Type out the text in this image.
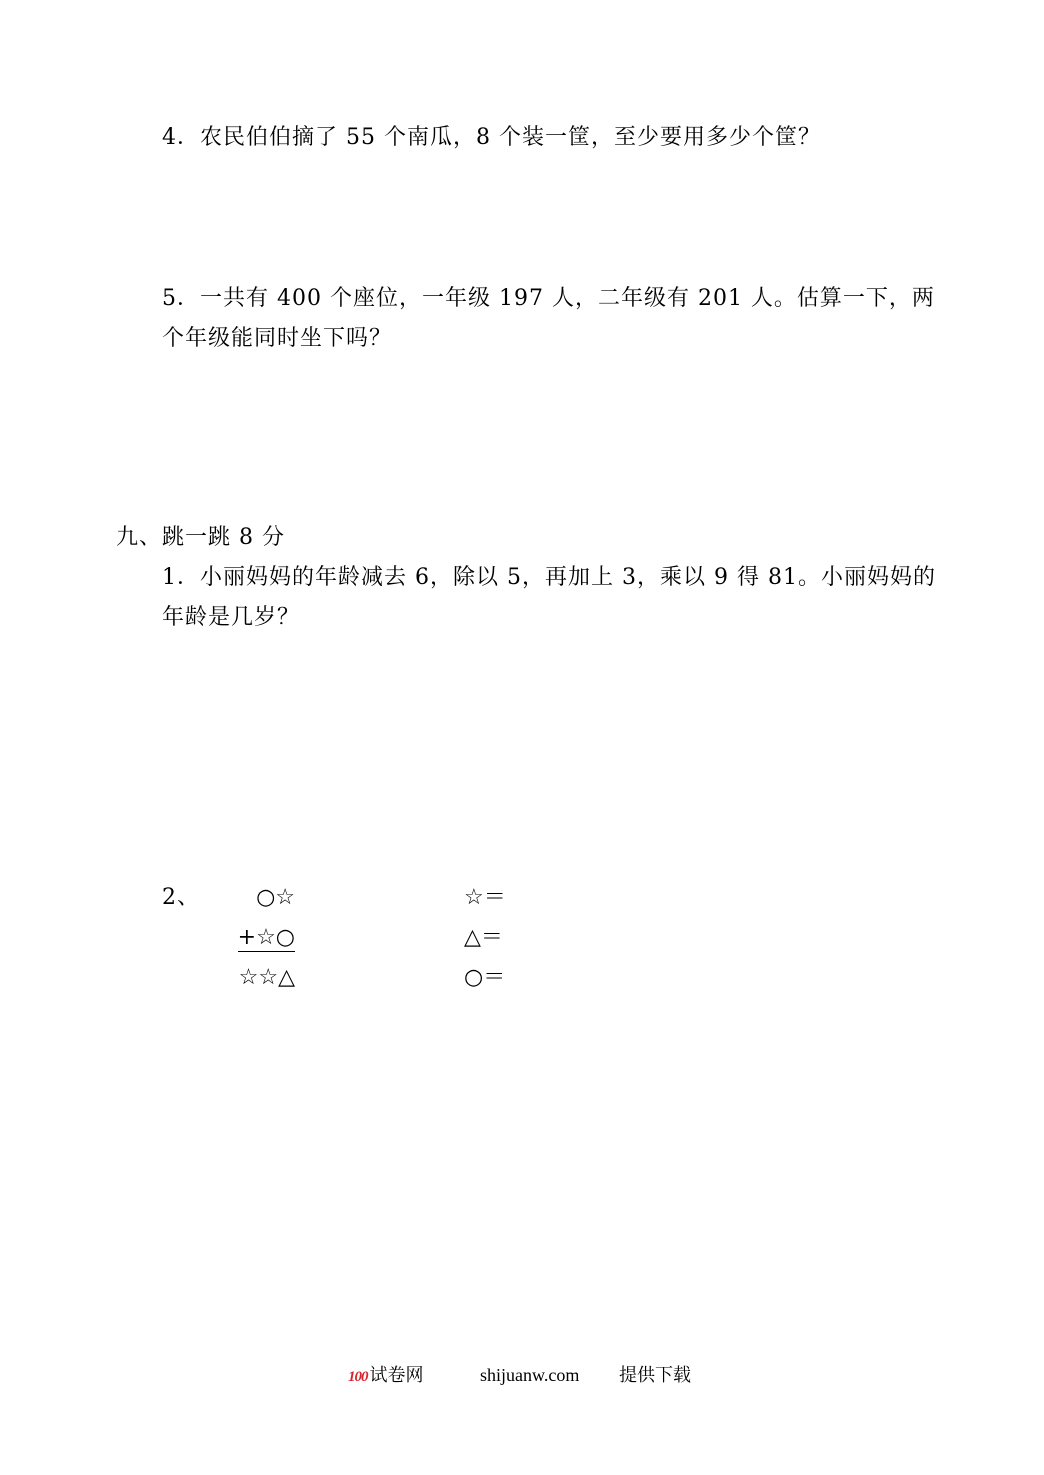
4．农民伯伯摘了 55 个南瓜，8 个装一筐，至少要用多少个筐？
5．一共有 400 个座位，一年级 197 人，二年级有 201 人。估算一下，两
个年级能同时坐下吗？
九、跳一跳 8 分
1．小丽妈妈的年龄减去 6，除以 5，再加上 3，乘以 9 得 81。小丽妈妈的
年龄是几岁？
2、	○☆
+☆○
☆☆△
☆＝
△＝
○＝
100 试卷网	shijuanw.com 提供下载
